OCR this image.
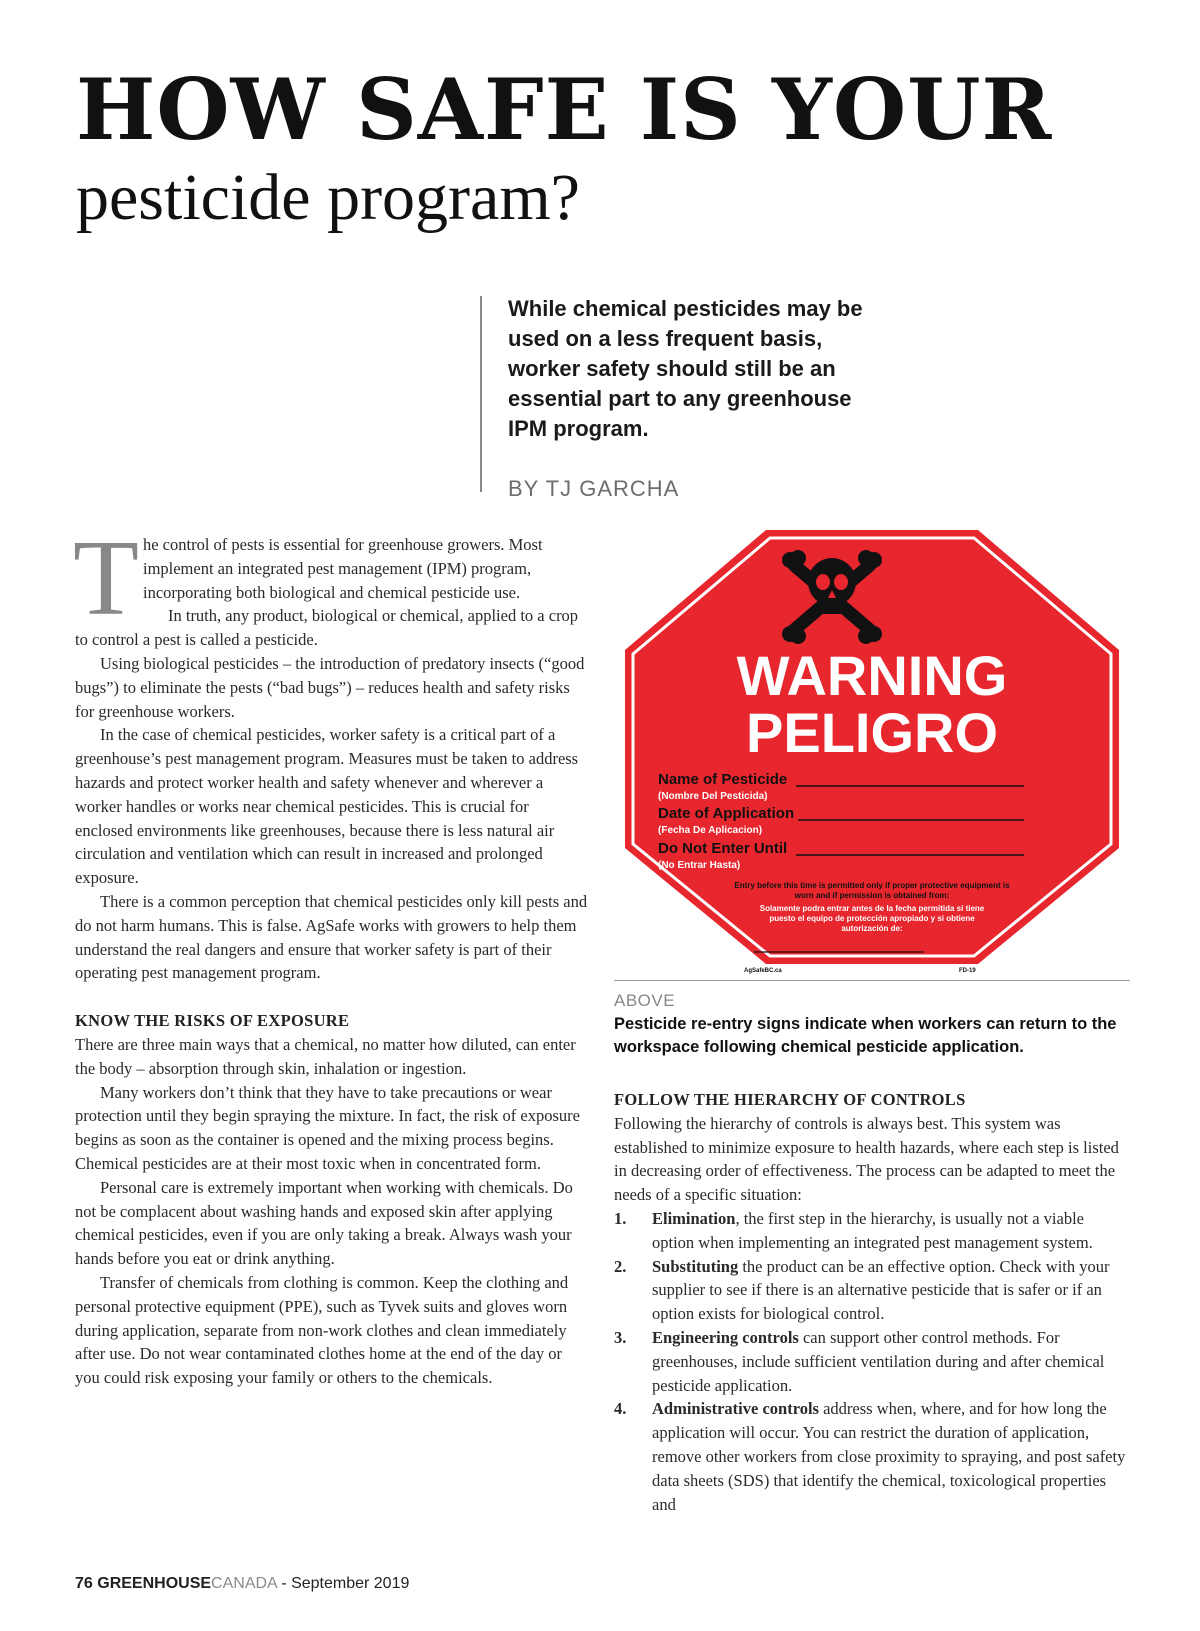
HOW SAFE IS YOUR
pesticide program?

While chemical pesticides may be used on a less frequent basis, worker safety should still be an essential part to any greenhouse IPM program.

BY TJ GARCHA

The control of pests is essential for greenhouse growers. Most implement an integrated pest management (IPM) program, incorporating both biological and chemical pesticide use.

In truth, any product, biological or chemical, applied to a crop to control a pest is called a pesticide.

Using biological pesticides – the introduction of predatory insects (“good bugs”) to eliminate the pests (“bad bugs”) – reduces health and safety risks for greenhouse workers.

In the case of chemical pesticides, worker safety is a critical part of a greenhouse’s pest management program. Measures must be taken to address hazards and protect worker health and safety whenever and wherever a worker handles or works near chemical pesticides. This is crucial for enclosed environments like greenhouses, because there is less natural air circulation and ventilation which can result in increased and prolonged exposure.

There is a common perception that chemical pesticides only kill pests and do not harm humans. This is false. AgSafe works with growers to help them understand the real dangers and ensure that worker safety is part of their operating pest management program.

KNOW THE RISKS OF EXPOSURE

There are three main ways that a chemical, no matter how diluted, can enter the body – absorption through skin, inhalation or ingestion.

Many workers don’t think that they have to take precautions or wear protection until they begin spraying the mixture. In fact, the risk of exposure begins as soon as the container is opened and the mixing process begins. Chemical pesticides are at their most toxic when in concentrated form.

Personal care is extremely important when working with chemicals. Do not be complacent about washing hands and exposed skin after applying chemical pesticides, even if you are only taking a break. Always wash your hands before you eat or drink anything.

Transfer of chemicals from clothing is common. Keep the clothing and personal protective equipment (PPE), such as Tyvek suits and gloves worn during application, separate from non-work clothes and clean immediately after use. Do not wear contaminated clothes home at the end of the day or you could risk exposing your family or others to the chemicals.

WARNING
PELIGRO
Name of Pesticide
(Nombre Del Pesticida)
Date of Application
(Fecha De Aplicacion)
Do Not Enter Until
(No Entrar Hasta)
Entry before this time is permitted only if proper protective equipment is
worn and if permission is obtained from:
Solamente podra entrar antes de la fecha permitida si tiene
puesto el equipo de protección apropiado y si obtiene
autorización de:
AgSafeBC.ca	FD-19

ABOVE

Pesticide re-entry signs indicate when workers can return to the workspace following chemical pesticide application.

FOLLOW THE HIERARCHY OF CONTROLS

Following the hierarchy of controls is always best. This system was established to minimize exposure to health hazards, where each step is listed in decreasing order of effectiveness. The process can be adapted to meet the needs of a specific situation:

1. Elimination, the first step in the hierarchy, is usually not a viable option when implementing an integrated pest management system.
2. Substituting the product can be an effective option. Check with your supplier to see if there is an alternative pesticide that is safer or if an option exists for biological control.
3. Engineering controls can support other control methods. For greenhouses, include sufficient ventilation during and after chemical pesticide application.
4. Administrative controls address when, where, and for how long the application will occur. You can restrict the duration of application, remove other workers from close proximity to spraying, and post safety data sheets (SDS) that identify the chemical, toxicological properties and
76 GREENHOUSECANADA - September 2019
